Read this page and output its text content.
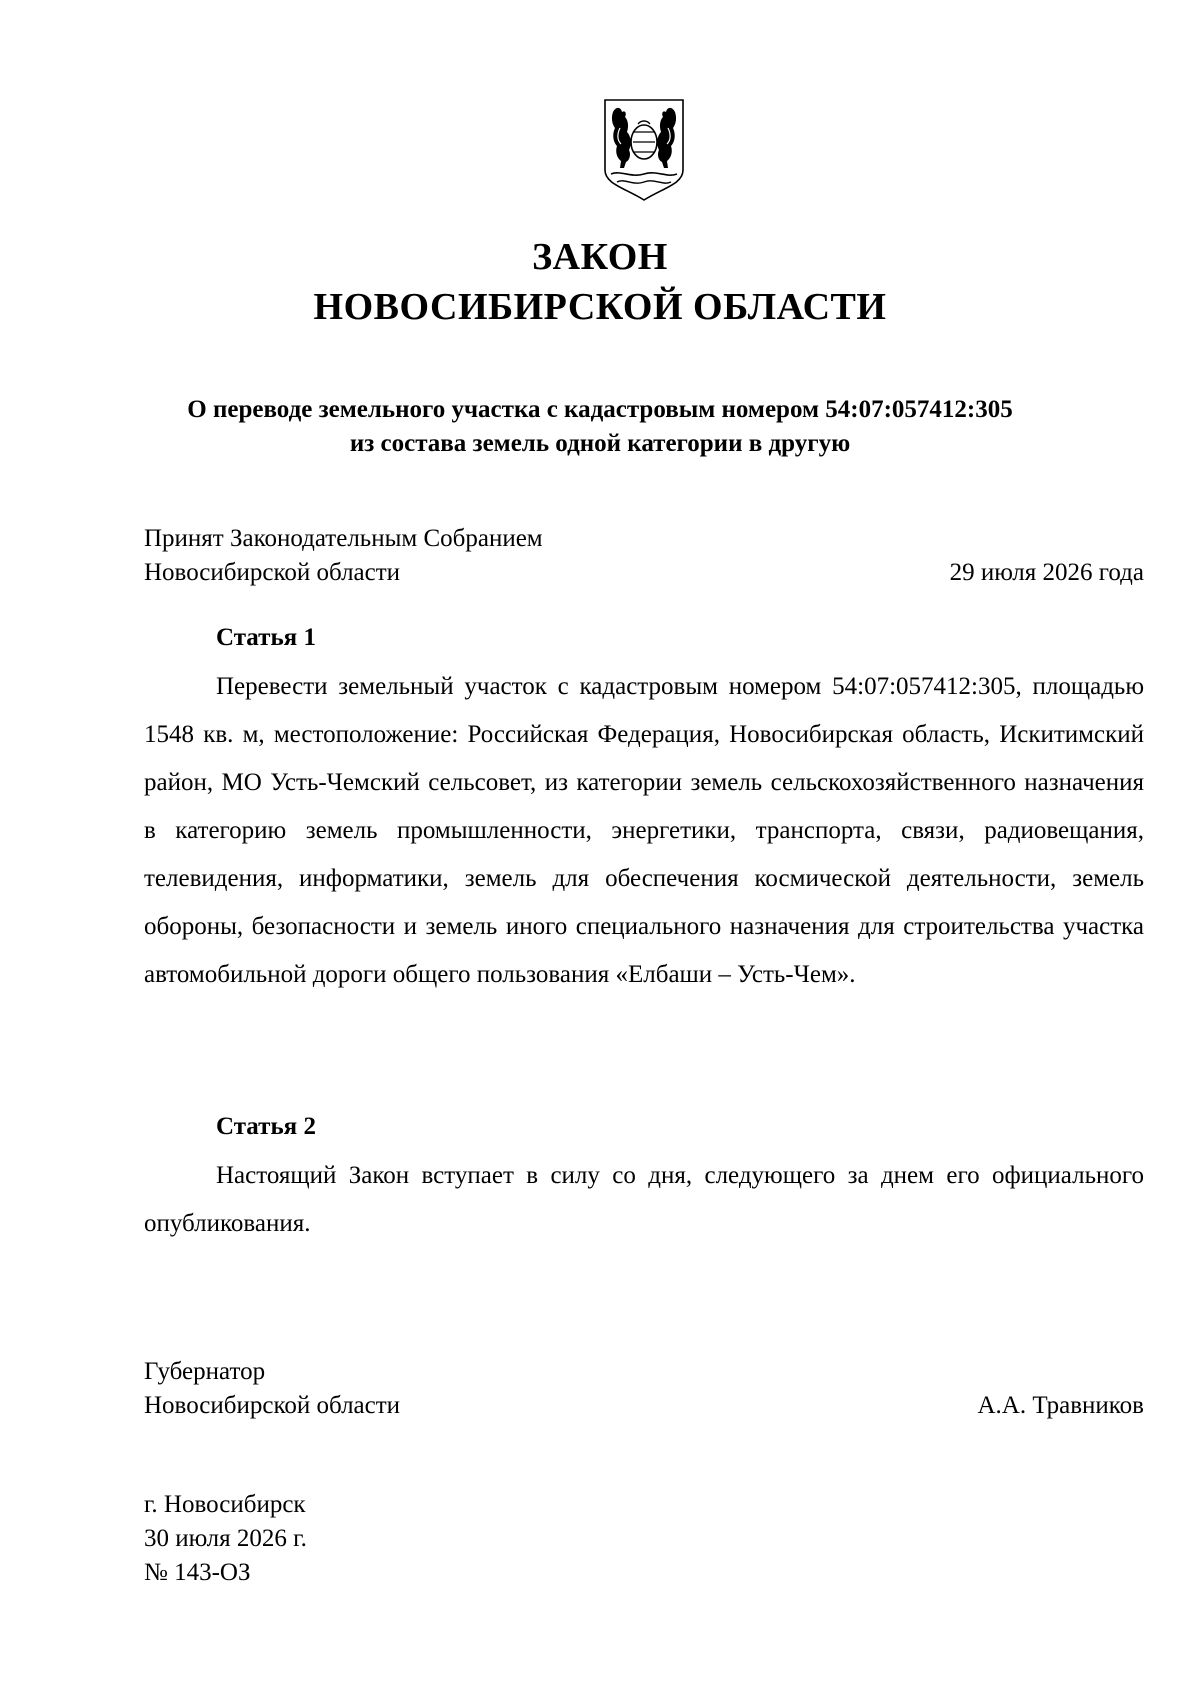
ЗАКОН
НОВОСИБИРСКОЙ ОБЛАСТИ
О переводе земельного участка с кадастровым номером 54:07:057412:305
из состава земель одной категории в другую
Принят Законодательным Собранием
Новосибирской области	29 июля 2026 года
Статья 1

Перевести земельный участок с кадастровым номером 54:07:057412:305, площадью 1548 кв. м, местоположение: Российская Федерация, Новосибирская область, Искитимский район, МО Усть-Чемский сельсовет, из категории земель сельскохозяйственного назначения в категорию земель промышленности, энергетики, транспорта, связи, радиовещания, телевидения, информатики, земель для обеспечения космической деятельности, земель обороны, безопасности и земель иного специального назначения для строительства участка автомобильной дороги общего пользования «Елбаши – Усть-Чем».

Статья 2

Настоящий Закон вступает в силу со дня, следующего за днем его официального опубликования.

Губернатор
Новосибирской области	А.А. Травников
г. Новосибирск
30 июля 2026 г.
№ 143-ОЗ
